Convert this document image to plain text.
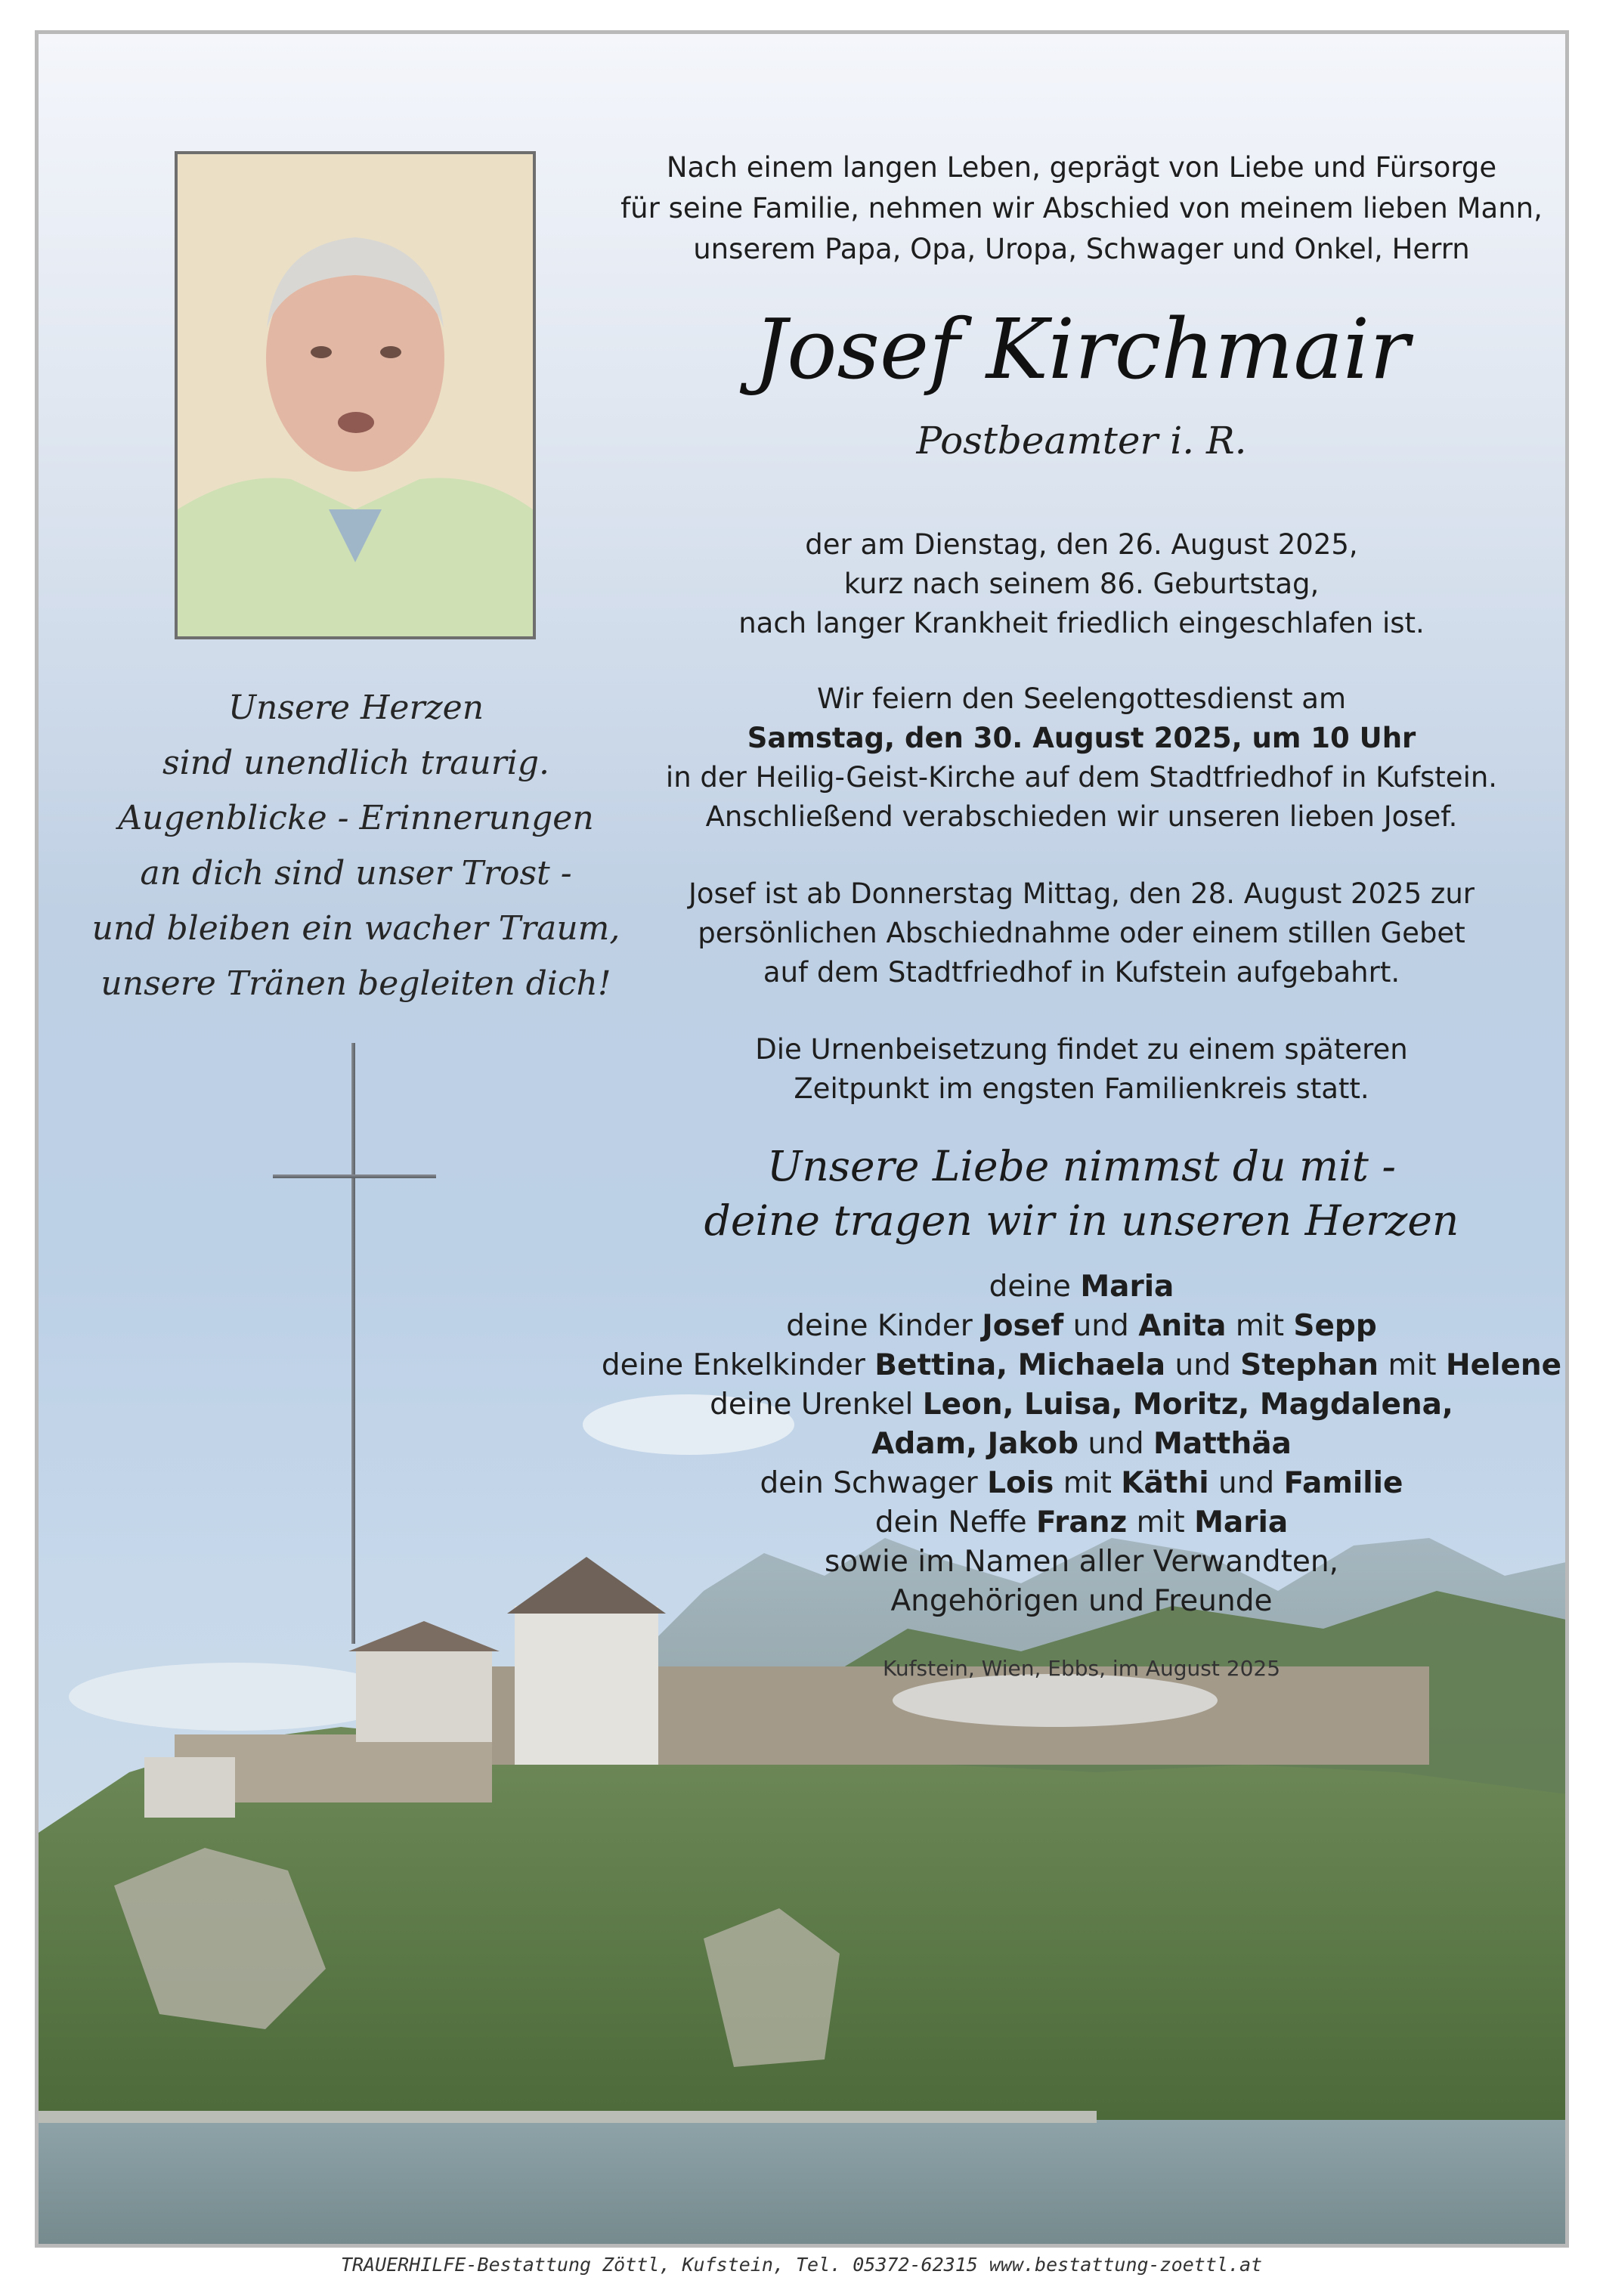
Unsere Herzen
sind unendlich traurig.
Augenblicke - Erinnerungen
an dich sind unser Trost -
und bleiben ein wacher Traum,
unsere Tränen begleiten dich!
Nach einem langen Leben, geprägt von Liebe und Fürsorge
für seine Familie, nehmen wir Abschied von meinem lieben Mann,
unserem Papa, Opa, Uropa, Schwager und Onkel, Herrn
Josef Kirchmair
Postbeamter i. R.
der am Dienstag, den 26. August 2025,
kurz nach seinem 86. Geburtstag,
nach langer Krankheit friedlich eingeschlafen ist.
Wir feiern den Seelengottesdienst am
Samstag, den 30. August 2025, um 10 Uhr
in der Heilig-Geist-Kirche auf dem Stadtfriedhof in Kufstein.
Anschließend verabschieden wir unseren lieben Josef.
Josef ist ab Donnerstag Mittag, den 28. August 2025 zur
persönlichen Abschiednahme oder einem stillen Gebet
auf dem Stadtfriedhof in Kufstein aufgebahrt.
Die Urnenbeisetzung findet zu einem späteren
Zeitpunkt im engsten Familienkreis statt.
Unsere Liebe nimmst du mit -
deine tragen wir in unseren Herzen
deine Maria
deine Kinder Josef und Anita mit Sepp
deine Enkelkinder Bettina, Michaela und Stephan mit Helene
deine Urenkel Leon, Luisa, Moritz, Magdalena,
Adam, Jakob und Matthäa
dein Schwager Lois mit Käthi und Familie
dein Neffe Franz mit Maria
sowie im Namen aller Verwandten,
Angehörigen und Freunde
Kufstein, Wien, Ebbs, im August 2025
TRAUERHILFE-Bestattung Zöttl, Kufstein, Tel. 05372-62315 www.bestattung-zoettl.at
